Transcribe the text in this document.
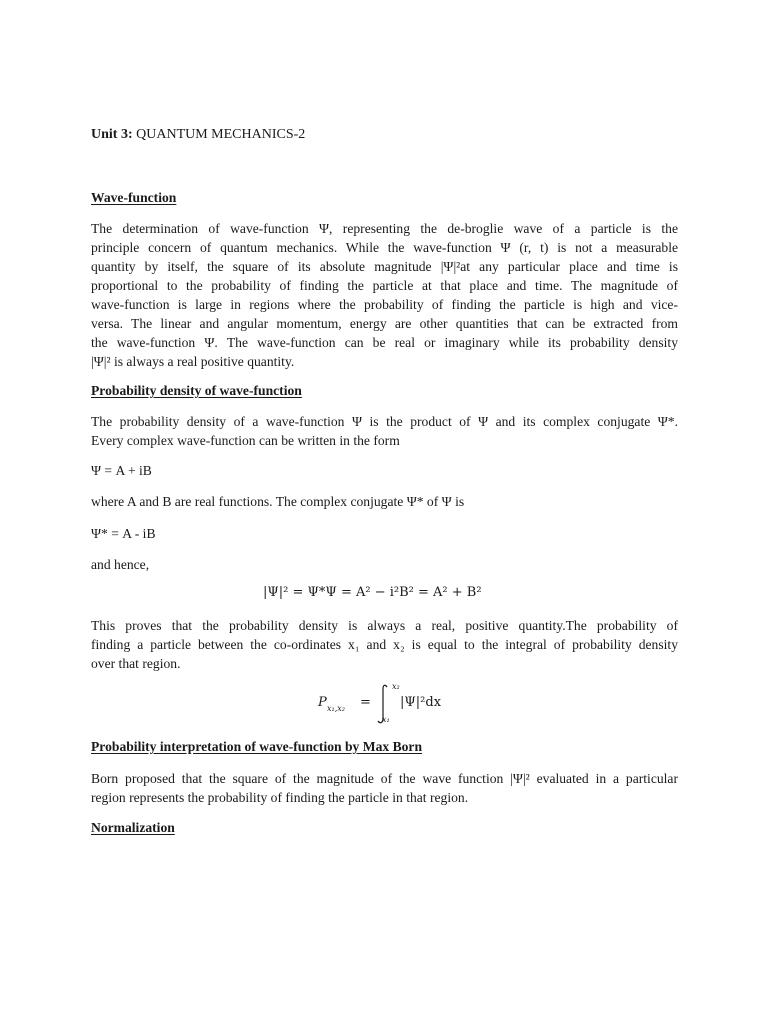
Unit 3: QUANTUM MECHANICS-2
Wave-function
The determination of wave-function Ψ, representing the de-broglie wave of a particle is the
principle concern of quantum mechanics. While the wave-function Ψ (r, t) is not a measurable
quantity by itself, the square of its absolute magnitude |Ψ|²at any particular place and time is
proportional to the probability of finding the particle at that place and time. The magnitude of
wave-function is large in regions where the probability of finding the particle is high and vice-
versa. The linear and angular momentum, energy are other quantities that can be extracted from
the wave-function Ψ. The wave-function can be real or imaginary while its probability density
|Ψ|² is always a real positive quantity.
Probability density of wave-function
The probability density of a wave-function Ψ is the product of Ψ and its complex conjugate Ψ*.
Every complex wave-function can be written in the form
Ψ = A + iB
where A and B are real functions. The complex conjugate Ψ* of Ψ is
Ψ* = A - iB
and hence,
|Ψ|² = Ψ*Ψ = A² − i²B² = A² + B²
This proves that the probability density is always a real, positive quantity.The probability of
finding a particle between the co-ordinates x₁ and x₂ is equal to the integral of probability density
over that region.
P x₁,x₂ =
x₂
x₁
|Ψ|²dx
Probability interpretation of wave-function by Max Born
Born proposed that the square of the magnitude of the wave function |Ψ|² evaluated in a particular
region represents the probability of finding the particle in that region.
Normalization
